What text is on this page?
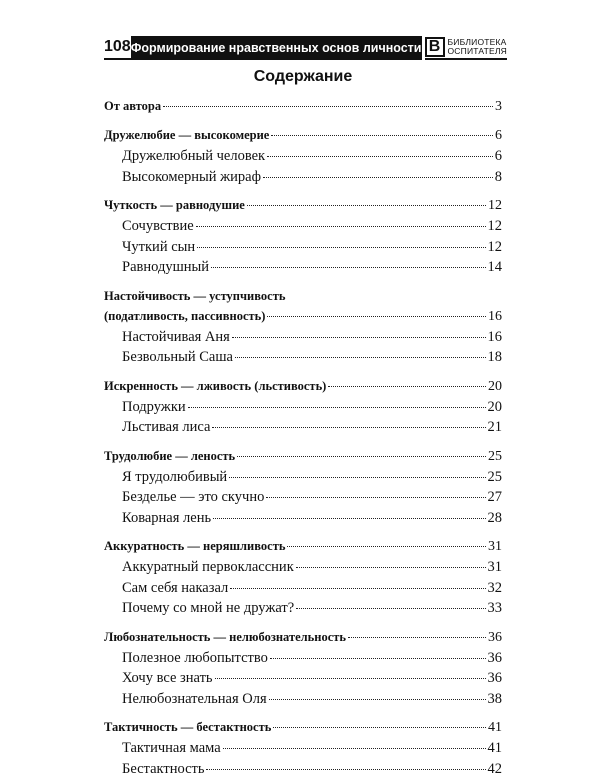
108 Формирование нравственных основ личности В БИБЛИОТЕКА
ОСПИТАТЕЛЯ
Содержание
От автора	3
Дружелюбие — высокомерие	6
Дружелюбный человек	6
Высокомерный жираф	8
Чуткость — равнодушие	12
Сочувствие	12
Чуткий сын	12
Равнодушный	14
Настойчивость — уступчивость
(податливость, пассивность)	16
Настойчивая Аня	16
Безвольный Саша	18
Искренность — лживость (льстивость)	20
Подружки	20
Льстивая лиса	21
Трудолюбие — леность	25
Я трудолюбивый	25
Безделье — это скучно	27
Коварная лень	28
Аккуратность — неряшливость	31
Аккуратный первоклассник	31
Сам себя наказал	32
Почему со мной не дружат?	33
Любознательность — нелюбознательность	36
Полезное любопытство	36
Хочу все знать	36
Нелюбознательная Оля	38
Тактичность — бестактность	41
Тактичная мама	41
Бестактность	42
